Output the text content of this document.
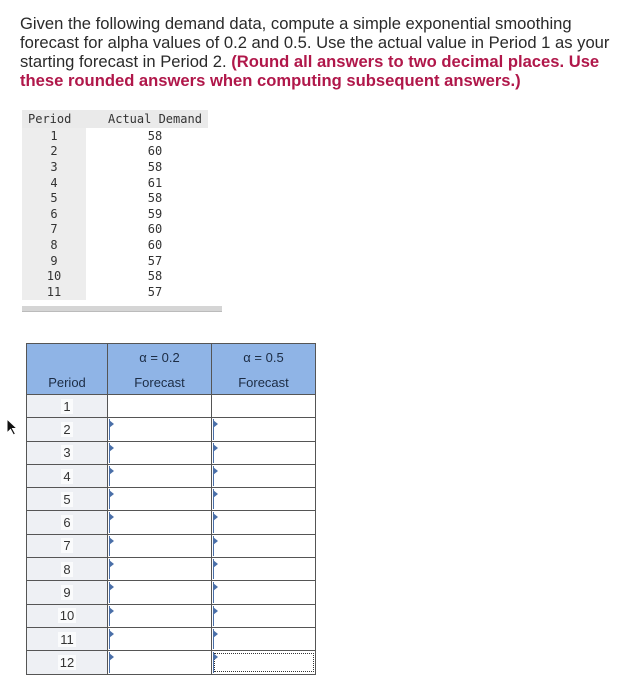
Given the following demand data, compute a simple exponential smoothing forecast for alpha values of 0.2 and 0.5. Use the actual value in Period 1 as your starting forecast in Period 2. (Round all answers to two decimal places. Use these rounded answers when computing subsequent answers.)
Period		Actual Demand
1		58
2		60
3		58
4		61
5		58
6		59
7		60
8		60
9		57
10		58
11		57
	α = 0.2	α = 0.5
Period	Forecast	Forecast
1		
2		
3		
4		
5		
6		
7		
8		
9		
10		
11		
12		
